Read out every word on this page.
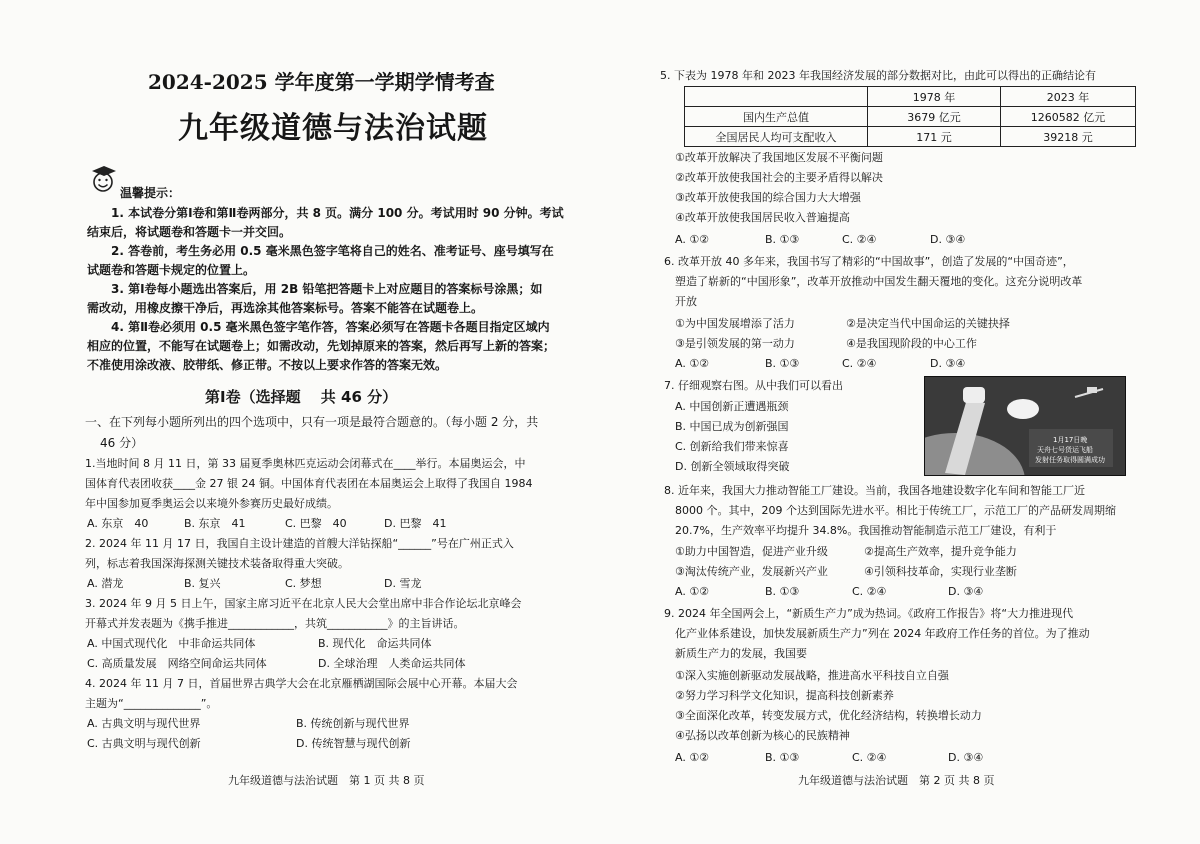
2024-2025 学年度第一学期学情考查
九年级道德与法治试题
温馨提示：
1. 本试卷分第Ⅰ卷和第Ⅱ卷两部分，共 8 页。满分 100 分。考试用时 90 分钟。考试
结束后，将试题卷和答题卡一并交回。
2. 答卷前，考生务必用 0.5 毫米黑色签字笔将自己的姓名、准考证号、座号填写在
试题卷和答题卡规定的位置上。
3. 第Ⅰ卷每小题选出答案后，用 2B 铅笔把答题卡上对应题目的答案标号涂黑；如
需改动，用橡皮擦干净后，再选涂其他答案标号。答案不能答在试题卷上。
4. 第Ⅱ卷必须用 0.5 毫米黑色签字笔作答，答案必须写在答题卡各题目指定区域内
相应的位置，不能写在试题卷上；如需改动，先划掉原来的答案，然后再写上新的答案；
不准使用涂改液、胶带纸、修正带。不按以上要求作答的答案无效。
第Ⅰ卷（选择题　 共 46 分）
一、在下列每小题所列出的四个选项中，只有一项是最符合题意的。（每小题 2 分，共
46 分）
1.当地时间 8 月 11 日，第 33 届夏季奥林匹克运动会闭幕式在____举行。本届奥运会，中
国体育代表团收获____金 27 银 24 铜。中国体育代表团在本届奥运会上取得了我国自 1984
年中国参加夏季奥运会以来境外参赛历史最好成绩。
A. 东京　40	B. 东京　41	C. 巴黎　40	D. 巴黎　41
2. 2024 年 11 月 17 日，我国自主设计建造的首艘大洋钻探船“______”号在广州正式入
列，标志着我国深海探测关键技术装备取得重大突破。
A. 潜龙	B. 复兴	C. 梦想	D. 雪龙
3. 2024 年 9 月 5 日上午，国家主席习近平在北京人民大会堂出席中非合作论坛北京峰会
开幕式并发表题为《携手推进____________，共筑___________》的主旨讲话。
A. 中国式现代化　中非命运共同体	B. 现代化　命运共同体
C. 高质量发展　网络空间命运共同体	D. 全球治理　人类命运共同体
4. 2024 年 11 月 7 日，首届世界古典学大会在北京雁栖湖国际会展中心开幕。本届大会
主题为“______________”。
A. 古典文明与现代世界	B. 传统创新与现代世界
C. 古典文明与现代创新	D. 传统智慧与现代创新
九年级道德与法治试题　第 1 页 共 8 页
5. 下表为 1978 年和 2023 年我国经济发展的部分数据对比，由此可以得出的正确结论有
	1978 年	2023 年
国内生产总值	3679 亿元	1260582 亿元
全国居民人均可支配收入	171 元	39218 元
①改革开放解决了我国地区发展不平衡问题
②改革开放使我国社会的主要矛盾得以解决
③改革开放使我国的综合国力大大增强
④改革开放使我国居民收入普遍提高
A. ①②	B. ①③	C. ②④	D. ③④
6. 改革开放 40 多年来，我国书写了精彩的“中国故事”，创造了发展的“中国奇迹”，
塑造了崭新的“中国形象”，改革开放推动中国发生翻天覆地的变化。这充分说明改革
开放
①为中国发展增添了活力	②是决定当代中国命运的关键抉择
③是引领发展的第一动力	④是我国现阶段的中心工作
A. ①②	B. ①③	C. ②④	D. ③④
7. 仔细观察右图。从中我们可以看出
A. 中国创新正遭遇瓶颈
B. 中国已成为创新强国
C. 创新给我们带来惊喜
D. 创新全领域取得突破
1月17日晚
天舟七号货运飞船
发射任务取得圆满成功
8. 近年来，我国大力推动智能工厂建设。当前，我国各地建设数字化车间和智能工厂近
8000 个。其中，209 个达到国际先进水平。相比于传统工厂，示范工厂的产品研发周期缩
20.7%，生产效率平均提升 34.8%。我国推动智能制造示范工厂建设，有利于
①助力中国智造，促进产业升级	②提高生产效率，提升竞争能力
③淘汰传统产业，发展新兴产业	④引领科技革命，实现行业垄断
A. ①②	B. ①③	C. ②④	D. ③④
9. 2024 年全国两会上，“新质生产力”成为热词。《政府工作报告》将“大力推进现代
化产业体系建设，加快发展新质生产力”列在 2024 年政府工作任务的首位。为了推动
新质生产力的发展，我国要
①深入实施创新驱动发展战略，推进高水平科技自立自强
②努力学习科学文化知识，提高科技创新素养
③全面深化改革，转变发展方式，优化经济结构，转换增长动力
④弘扬以改革创新为核心的民族精神
A. ①②	B. ①③	C. ②④	D. ③④
九年级道德与法治试题　第 2 页 共 8 页
